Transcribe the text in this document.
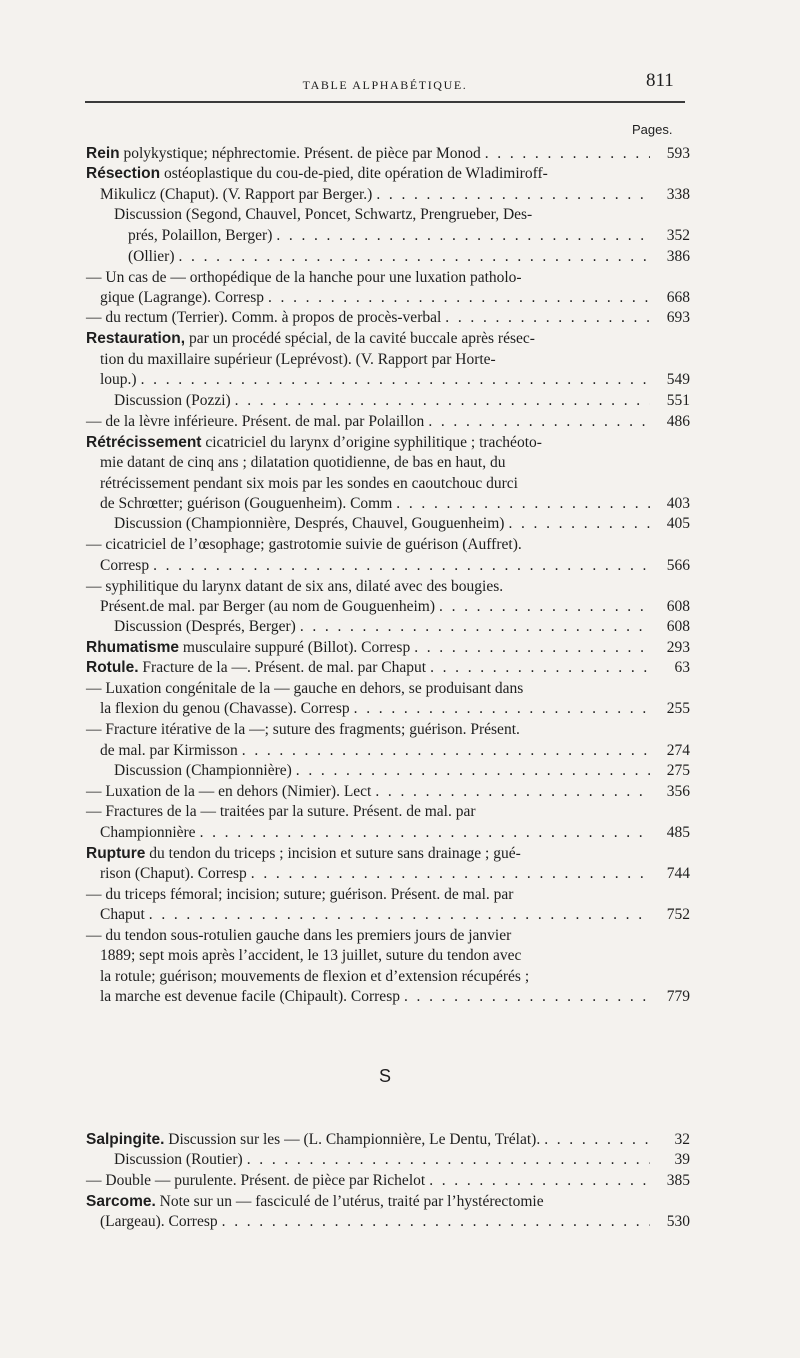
TABLE ALPHABÉTIQUE.	811
Pages.
S
Rein polykystique; néphrectomie. Présent. de pièce par Monod . . .	593
Résection ostéoplastique du cou-de-pied, dite opération de Wladimiroff-
Mikulicz (Chaput). (V. Rapport par Berger.) . . .	338
Discussion (Segond, Chauvel, Poncet, Schwartz, Prengrueber, Des-
prés, Polaillon, Berger) . . .	352
(Ollier) . . .	386
— Un cas de — orthopédique de la hanche pour une luxation patholo-
gique (Lagrange). Corresp . . .	668
— du rectum (Terrier). Comm. à propos de procès-verbal . . .	693
Restauration, par un procédé spécial, de la cavité buccale après résec-
tion du maxillaire supérieur (Leprévost). (V. Rapport par Horte-
loup.) . . .	549
Discussion (Pozzi) . . .	551
— de la lèvre inférieure. Présent. de mal. par Polaillon . . .	486
Rétrécissement cicatriciel du larynx d’origine syphilitique ; trachéoto-
mie datant de cinq ans ; dilatation quotidienne, de bas en haut, du
rétrécissement pendant six mois par les sondes en caoutchouc durci
de Schrœtter; guérison (Gouguenheim). Comm . . .	403
Discussion (Championnière, Després, Chauvel, Gouguenheim) . . .	405
— cicatriciel de l’œsophage; gastrotomie suivie de guérison (Auffret).
Corresp . . .	566
— syphilitique du larynx datant de six ans, dilaté avec des bougies.
Présent.de mal. par Berger (au nom de Gouguenheim) . . .	608
Discussion (Després, Berger) . . .	608
Rhumatisme musculaire suppuré (Billot). Corresp . . .	293
Rotule. Fracture de la —. Présent. de mal. par Chaput . . .	63
— Luxation congénitale de la — gauche en dehors, se produisant dans
la flexion du genou (Chavasse). Corresp . . .	255
— Fracture itérative de la —; suture des fragments; guérison. Présent.
de mal. par Kirmisson . . .	274
Discussion (Championnière) . . .	275
— Luxation de la — en dehors (Nimier). Lect . . .	356
— Fractures de la — traitées par la suture. Présent. de mal. par
Championnière . . .	485
Rupture du tendon du triceps ; incision et suture sans drainage ; gué-
rison (Chaput). Corresp . . .	744
— du triceps fémoral; incision; suture; guérison. Présent. de mal. par
Chaput . . .	752
— du tendon sous-rotulien gauche dans les premiers jours de janvier
1889; sept mois après l’accident, le 13 juillet, suture du tendon avec
la rotule; guérison; mouvements de flexion et d’extension récupérés ;
la marche est devenue facile (Chipault). Corresp . . .	779
Salpingite. Discussion sur les — (L. Championnière, Le Dentu, Trélat). . . .	32
Discussion (Routier) . . .	39
— Double — purulente. Présent. de pièce par Richelot . . .	385
Sarcome. Note sur un — fasciculé de l’utérus, traité par l’hystérectomie
(Largeau). Corresp . . .	530
